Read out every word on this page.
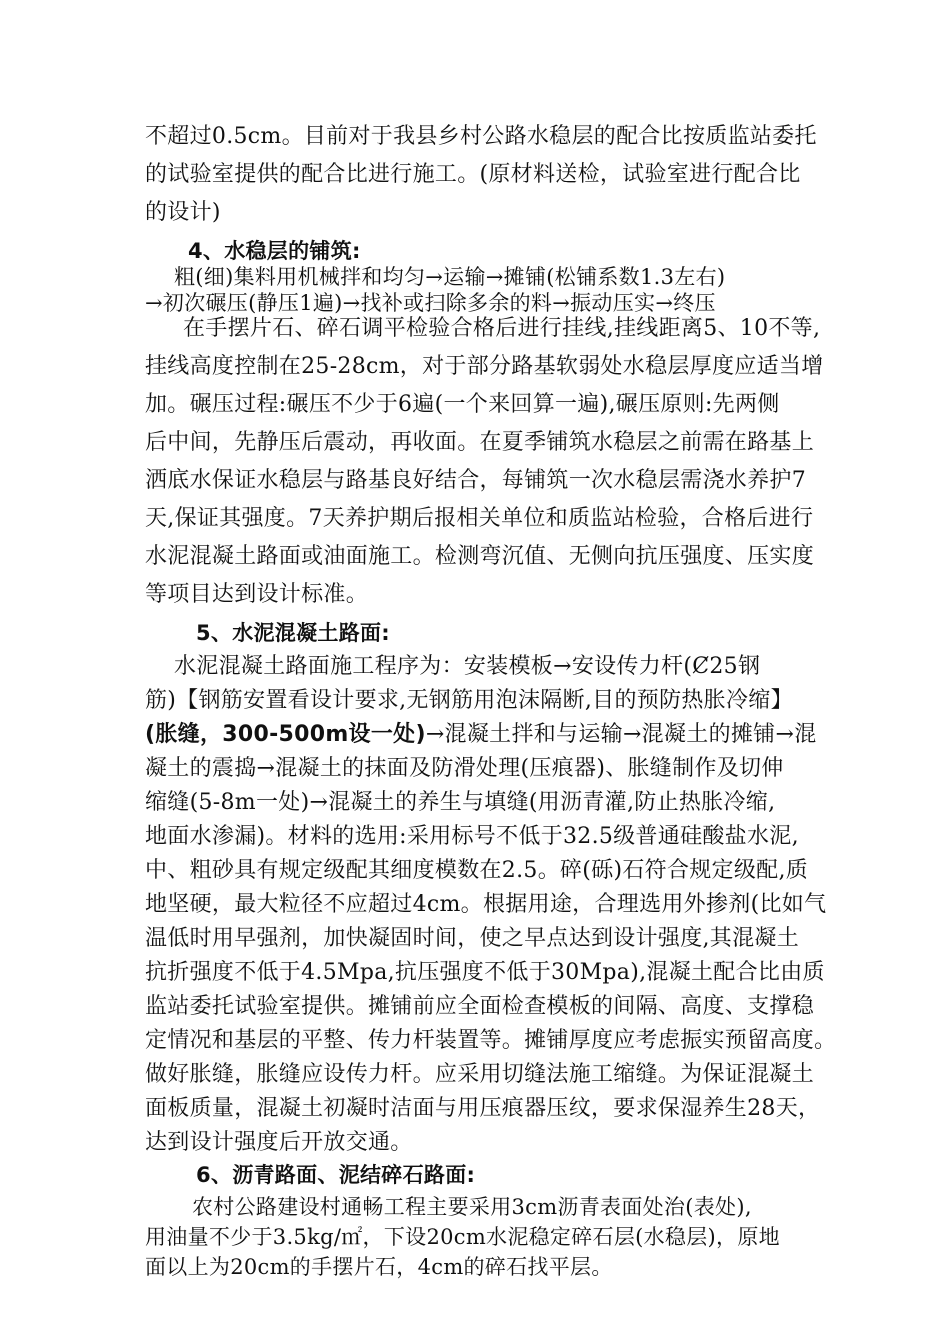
不超过0.5cm。目前对于我县乡村公路水稳层的配合比按质监站委托
的试验室提供的配合比进行施工。(原材料送检，试验室进行配合比
的设计)
4、水稳层的铺筑:
粗(细)集料用机械拌和均匀→运输→摊铺(松铺系数1.3左右)
→初次碾压(静压1遍)→找补或扫除多余的料→振动压实→终压
在手摆片石、碎石调平检验合格后进行挂线,挂线距离5、10不等,
挂线高度控制在25-28cm，对于部分路基软弱处水稳层厚度应适当增
加。碾压过程:碾压不少于6遍(一个来回算一遍),碾压原则:先两侧
后中间，先静压后震动，再收面。在夏季铺筑水稳层之前需在路基上
洒底水保证水稳层与路基良好结合，每铺筑一次水稳层需浇水养护7
天,保证其强度。7天养护期后报相关单位和质监站检验，合格后进行
水泥混凝土路面或油面施工。检测弯沉值、无侧向抗压强度、压实度
等项目达到设计标准。
5、水泥混凝土路面:
水泥混凝土路面施工程序为：安装模板→安设传力杆(Ȼ25钢
筋)【钢筋安置看设计要求,无钢筋用泡沫隔断,目的预防热胀冷缩】
(胀缝，300-500m设一处)→混凝土拌和与运输→混凝土的摊铺→混
凝土的震捣→混凝土的抹面及防滑处理(压痕器)、胀缝制作及切伸
缩缝(5-8m一处)→混凝土的养生与填缝(用沥青灌,防止热胀冷缩,
地面水渗漏)。材料的选用:采用标号不低于32.5级普通硅酸盐水泥,
中、粗砂具有规定级配其细度模数在2.5。碎(砾)石符合规定级配,质
地坚硬，最大粒径不应超过4cm。根据用途，合理选用外掺剂(比如气
温低时用早强剂，加快凝固时间，使之早点达到设计强度,其混凝土
抗折强度不低于4.5Mpa,抗压强度不低于30Mpa),混凝土配合比由质
监站委托试验室提供。摊铺前应全面检查模板的间隔、高度、支撑稳
定情况和基层的平整、传力杆装置等。摊铺厚度应考虑振实预留高度。
做好胀缝，胀缝应设传力杆。应采用切缝法施工缩缝。为保证混凝土
面板质量，混凝土初凝时洁面与用压痕器压纹，要求保湿养生28天，
达到设计强度后开放交通。
6、沥青路面、泥结碎石路面:
农村公路建设村通畅工程主要采用3cm沥青表面处治(表处),
用油量不少于3.5kg/㎡，下设20cm水泥稳定碎石层(水稳层)，原地
面以上为20cm的手摆片石，4cm的碎石找平层。
